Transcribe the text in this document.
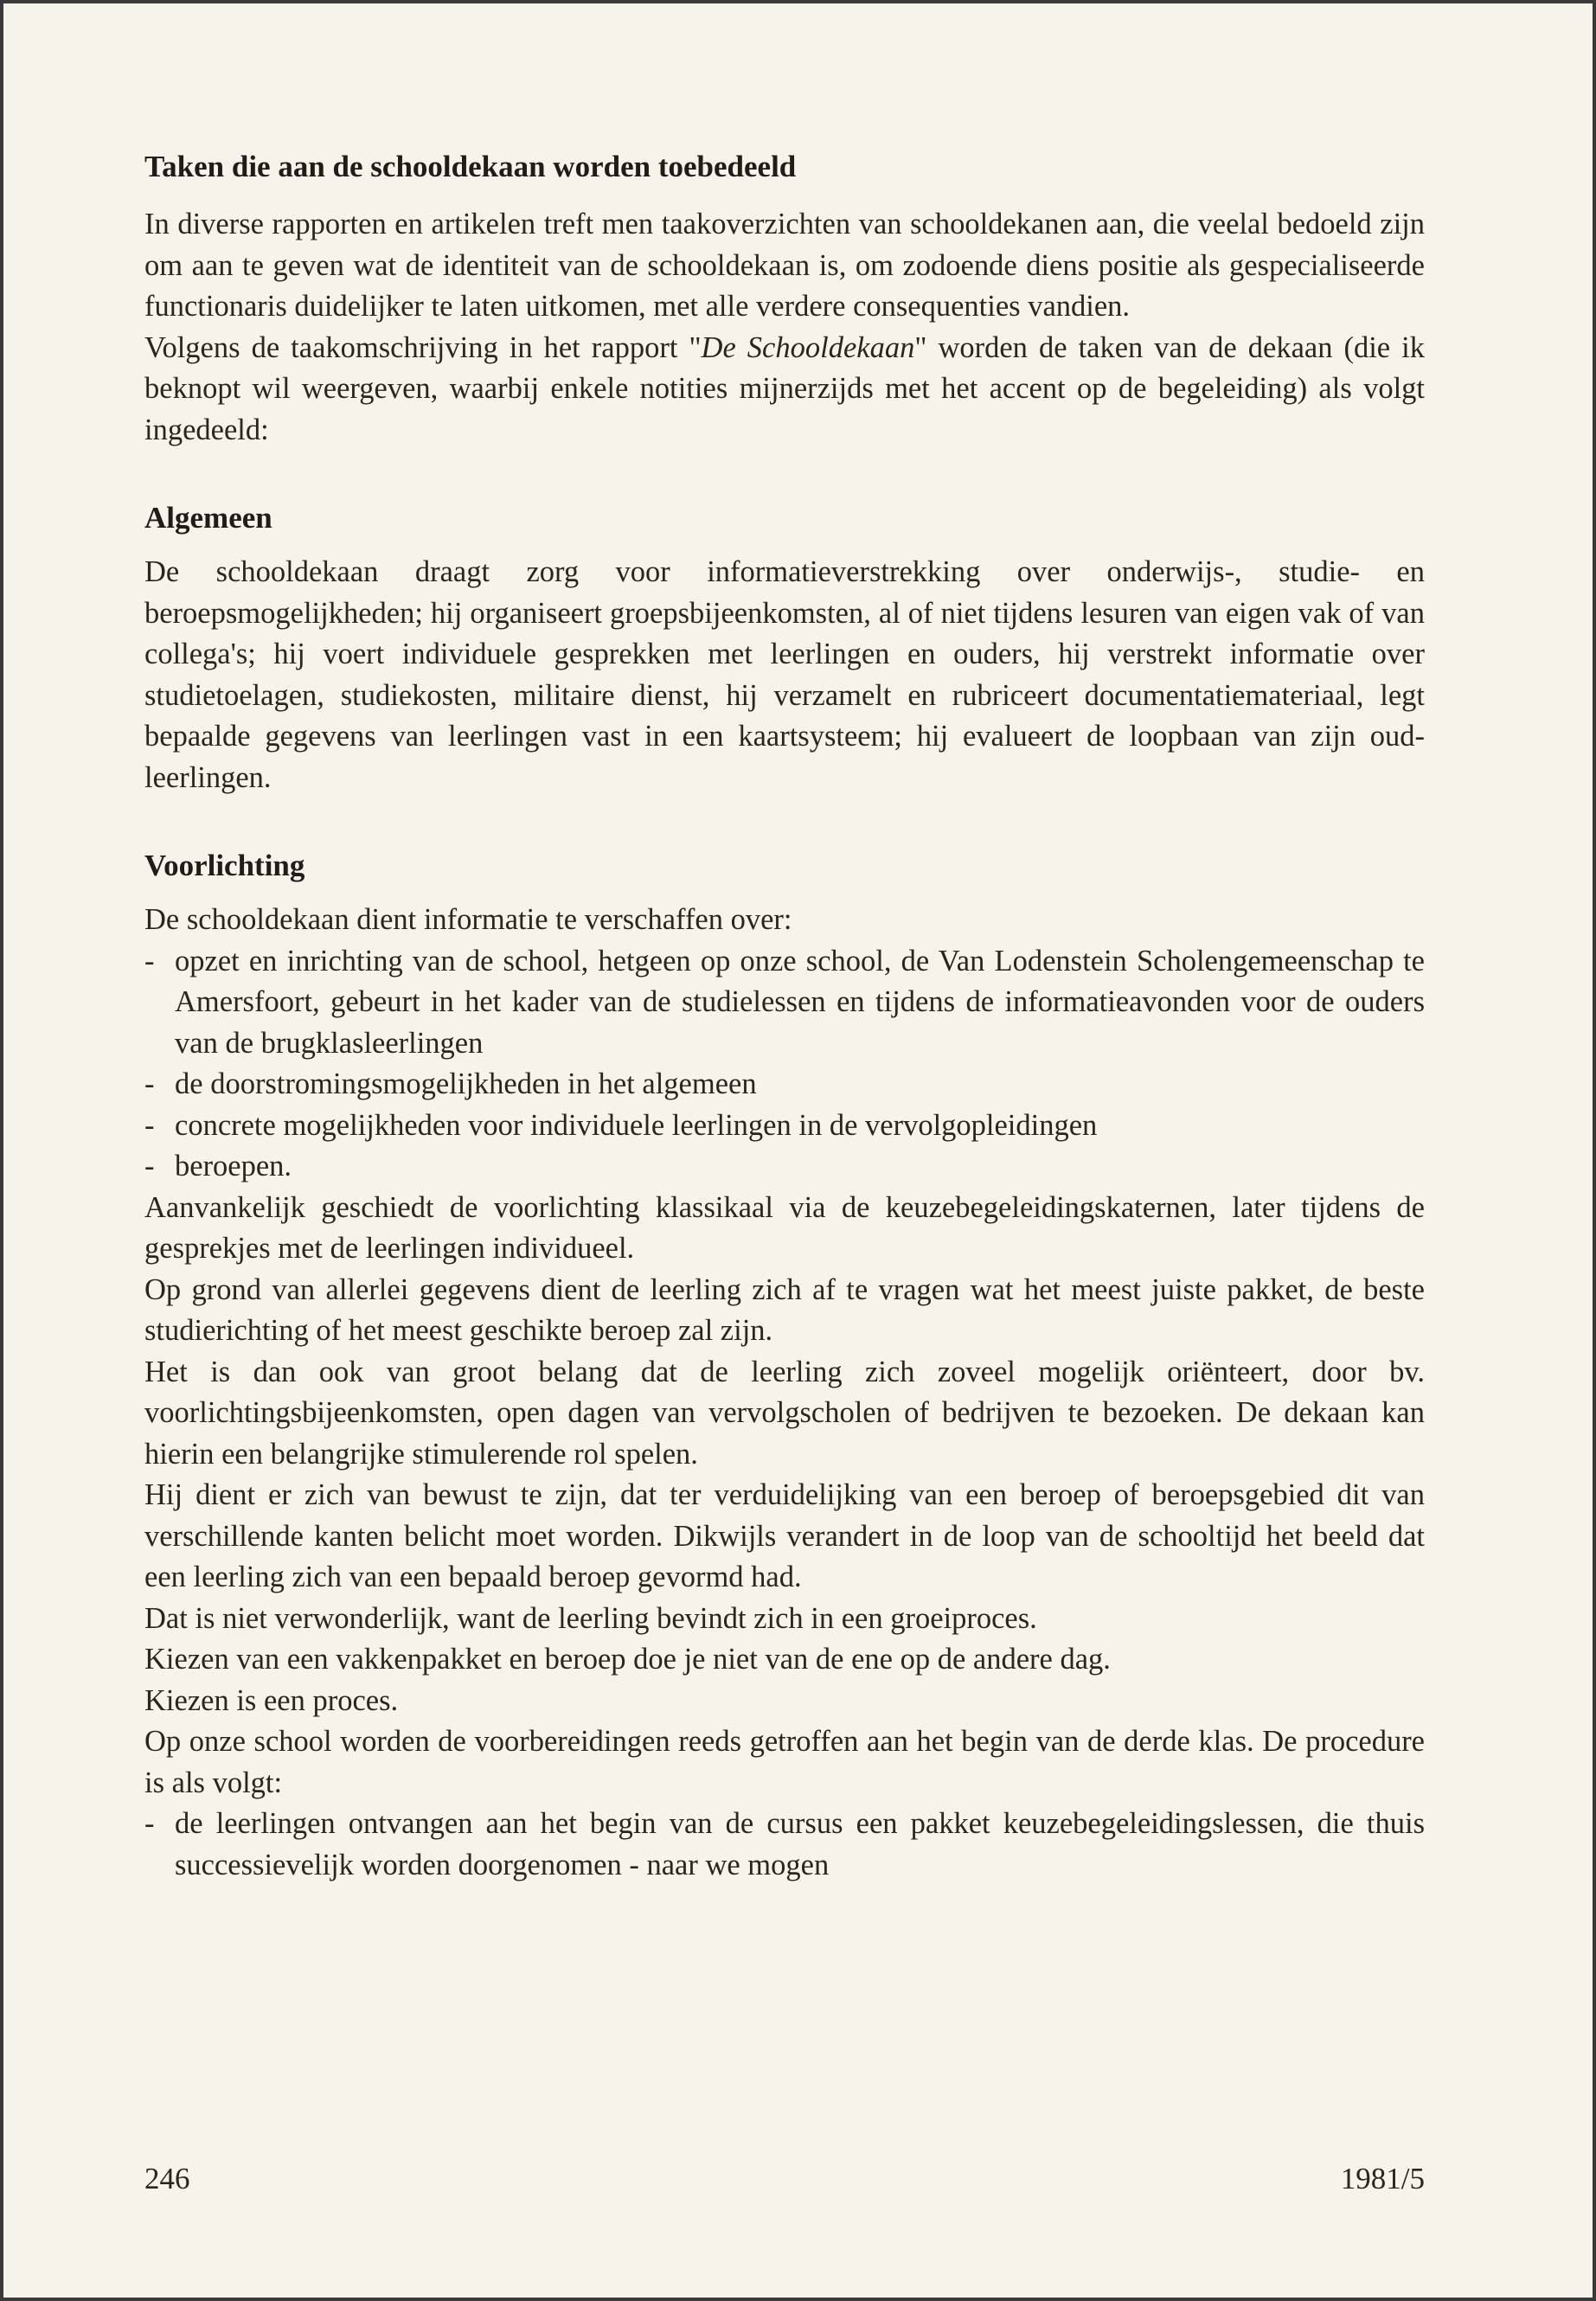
Taken die aan de schooldekaan worden toebedeeld

In diverse rapporten en artikelen treft men taakoverzichten van schooldekanen aan, die veelal bedoeld zijn om aan te geven wat de identiteit van de schooldekaan is, om zodoende diens positie als gespecialiseerde functionaris duidelijker te laten uitkomen, met alle verdere consequenties vandien.

Volgens de taakomschrijving in het rapport "De Schooldekaan" worden de taken van de dekaan (die ik beknopt wil weergeven, waarbij enkele notities mijnerzijds met het accent op de begeleiding) als volgt ingedeeld:

Algemeen

De schooldekaan draagt zorg voor informatieverstrekking over onderwijs-, studie- en beroepsmogelijkheden; hij organiseert groepsbijeenkomsten, al of niet tijdens lesuren van eigen vak of van collega's; hij voert individuele gesprekken met leerlingen en ouders, hij verstrekt informatie over studietoelagen, studiekosten, militaire dienst, hij verzamelt en rubriceert documentatiemateriaal, legt bepaalde gegevens van leerlingen vast in een kaartsysteem; hij evalueert de loopbaan van zijn oud-leerlingen.

Voorlichting

De schooldekaan dient informatie te verschaffen over:

- opzet en inrichting van de school, hetgeen op onze school, de Van Lodenstein Scholengemeenschap te Amersfoort, gebeurt in het kader van de studielessen en tijdens de informatieavonden voor de ouders van de brugklasleerlingen
- de doorstromingsmogelijkheden in het algemeen
- concrete mogelijkheden voor individuele leerlingen in de vervolgopleidingen
- beroepen.

Aanvankelijk geschiedt de voorlichting klassikaal via de keuzebegeleidingskaternen, later tijdens de gesprekjes met de leerlingen individueel.

Op grond van allerlei gegevens dient de leerling zich af te vragen wat het meest juiste pakket, de beste studierichting of het meest geschikte beroep zal zijn.

Het is dan ook van groot belang dat de leerling zich zoveel mogelijk oriënteert, door bv. voorlichtingsbijeenkomsten, open dagen van vervolgscholen of bedrijven te bezoeken. De dekaan kan hierin een belangrijke stimulerende rol spelen.

Hij dient er zich van bewust te zijn, dat ter verduidelijking van een beroep of beroepsgebied dit van verschillende kanten belicht moet worden. Dikwijls verandert in de loop van de schooltijd het beeld dat een leerling zich van een bepaald beroep gevormd had.

Dat is niet verwonderlijk, want de leerling bevindt zich in een groeiproces.

Kiezen van een vakkenpakket en beroep doe je niet van de ene op de andere dag.

Kiezen is een proces.

Op onze school worden de voorbereidingen reeds getroffen aan het begin van de derde klas. De procedure is als volgt:

- de leerlingen ontvangen aan het begin van de cursus een pakket keuzebegeleidingslessen, die thuis successievelijk worden doorgenomen - naar we mogen
246	1981/5
